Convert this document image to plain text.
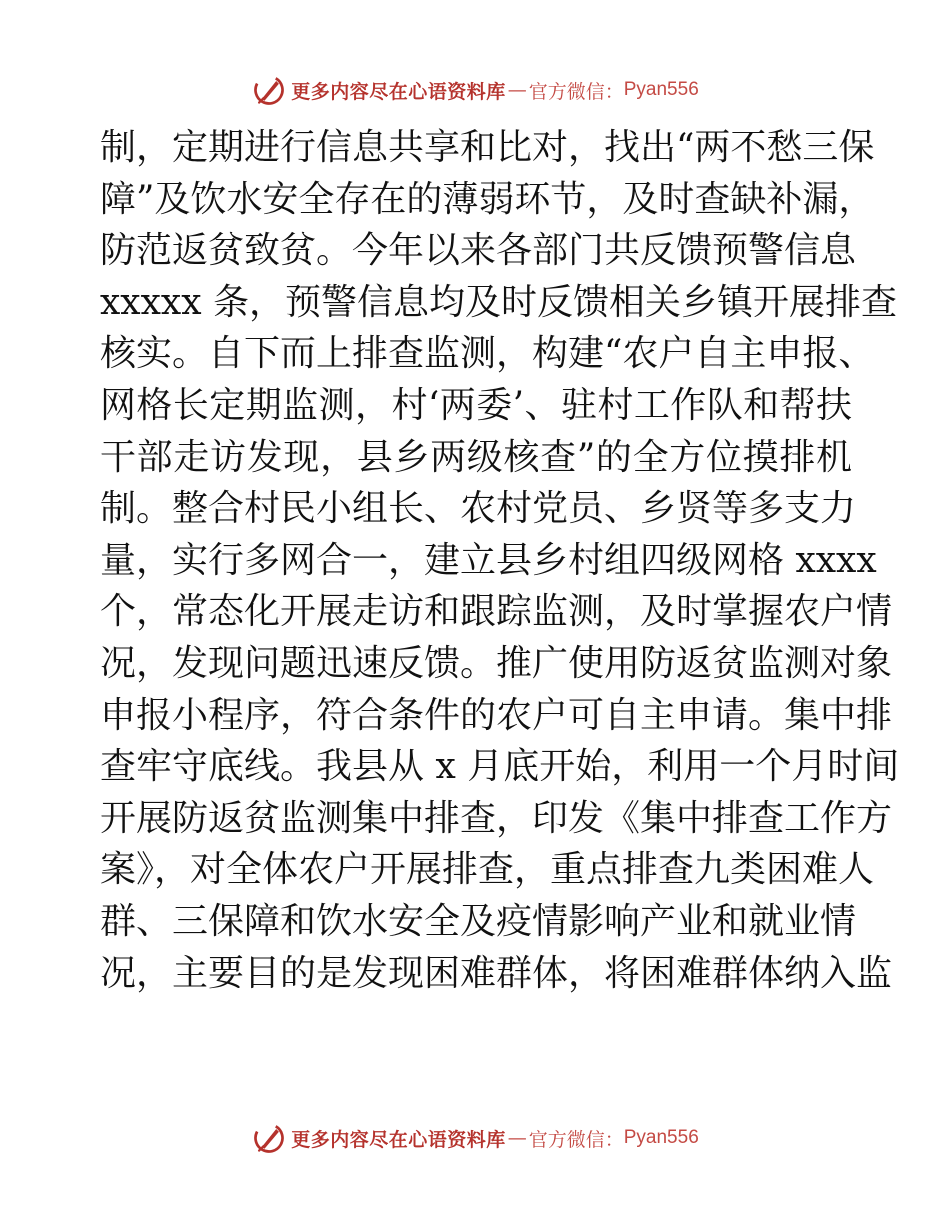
更多内容尽在心语资料库 — 官方微信： Pyan556
制，定期进行信息共享和比对，找出“两不愁三保
障”及饮水安全存在的薄弱环节，及时查缺补漏，
防范返贫致贫。今年以来各部门共反馈预警信息
xxxxx 条，预警信息均及时反馈相关乡镇开展排查
核实。自下而上排查监测，构建“农户自主申报、
网格长定期监测，村‘两委’、驻村工作队和帮扶
干部走访发现，县乡两级核查”的全方位摸排机
制。整合村民小组长、农村党员、乡贤等多支力
量，实行多网合一，建立县乡村组四级网格 xxxx
个，常态化开展走访和跟踪监测，及时掌握农户情
况，发现问题迅速反馈。推广使用防返贫监测对象
申报小程序，符合条件的农户可自主申请。集中排
查牢守底线。我县从 x 月底开始，利用一个月时间
开展防返贫监测集中排查，印发《集中排查工作方
案》，对全体农户开展排查，重点排查九类困难人
群、三保障和饮水安全及疫情影响产业和就业情
况，主要目的是发现困难群体，将困难群体纳入监
更多内容尽在心语资料库 — 官方微信： Pyan556
